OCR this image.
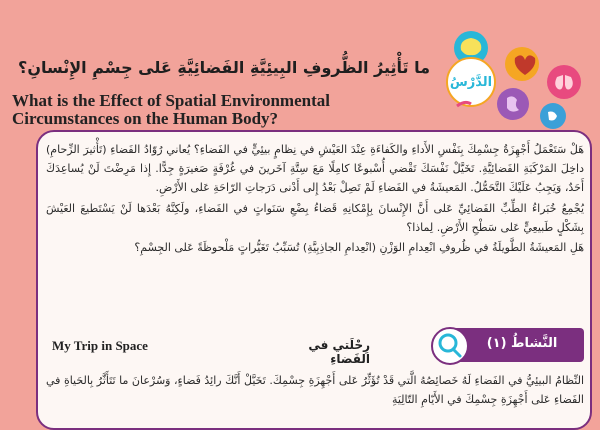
الدَّرْسُ
ما تَأْثِيرُ الظُّروفِ البِيئِيَّةِ الفَضائِيَّةِ عَلى جِسْمِ الإِنْسانِ؟
What is the Effect of Spatial Environmental Circumstances on the Human Body?

هَلْ سَتَعْمَلُ أَجْهِزَةُ جِسْمِكَ بِنَفْسِ الأَداءِ والكَفاءَةِ عِنْدَ العَيْشِ في نِظامٍ بيئِيٍّ في الفَضاءِ؟ يُعاني رُوّادُ الفَضاءِ (تَأْثيرَ الزِّحامِ) داخِلَ المَرْكَبَةِ الفَضائِيَّةِ. تَخَيَّلْ نَفْسَكَ تَقْضي أُسْبوعًا كامِلًا مَعَ سِتَّةِ آخَرينَ في غُرْفَةٍ صَغيرَةٍ جِدًّا. إِذا مَرِضْتَ لَنْ يُساعِدَكَ أَحَدٌ، وَيَجِبُ عَلَيْكَ التَّحَمُّلُ. المَعيشَةُ في الفَضاءِ لَمْ تَصِلْ بَعْدُ إِلى أَدْنى دَرَجاتِ الرّاحَةِ عَلى الأَرْضِ.

يُجْمِعُ خُبَراءُ الطِّبِّ الفَضائِيِّ عَلى أَنَّ الإِنْسانَ بِإِمْكانِهِ قَضاءُ بِضْعِ سَنَواتٍ في الفَضاءِ، ولَكِنَّهُ بَعْدَها لَنْ يَسْتَطيعَ العَيْشَ بِشَكْلٍ طَبيعِيٍّ عَلى سَطْحِ الأَرْضِ. لِماذا؟

هَلِ المَعيشَةُ الطَّويلَةُ في ظُروفِ انْعِدامِ الوَزْنِ (انْعِدامِ الجاذِبِيَّةِ) تُسَبِّبُ تَغَيُّراتٍ مَلْحوظَةً عَلى الجِسْمِ؟

My Trip in Space	رِحْلَتي في الفَضاءِ
النَّشاطُ (١)
النِّظامُ البيئِيُّ في الفَضاءِ لَهُ خَصائِصُهُ الَّتي قَدْ تُؤَثِّرُ عَلى أَجْهِزَةِ جِسْمِكَ. تَخَيَّلْ أَنَّكَ رائِدُ فَضاءٍ، وَسُرْعانَ ما تَتَأَثَّرُ بِالحَياةِ في الفَضاءِ عَلى أَجْهِزَةِ جِسْمِكَ في الأَيّامِ التّالِيَةِ
